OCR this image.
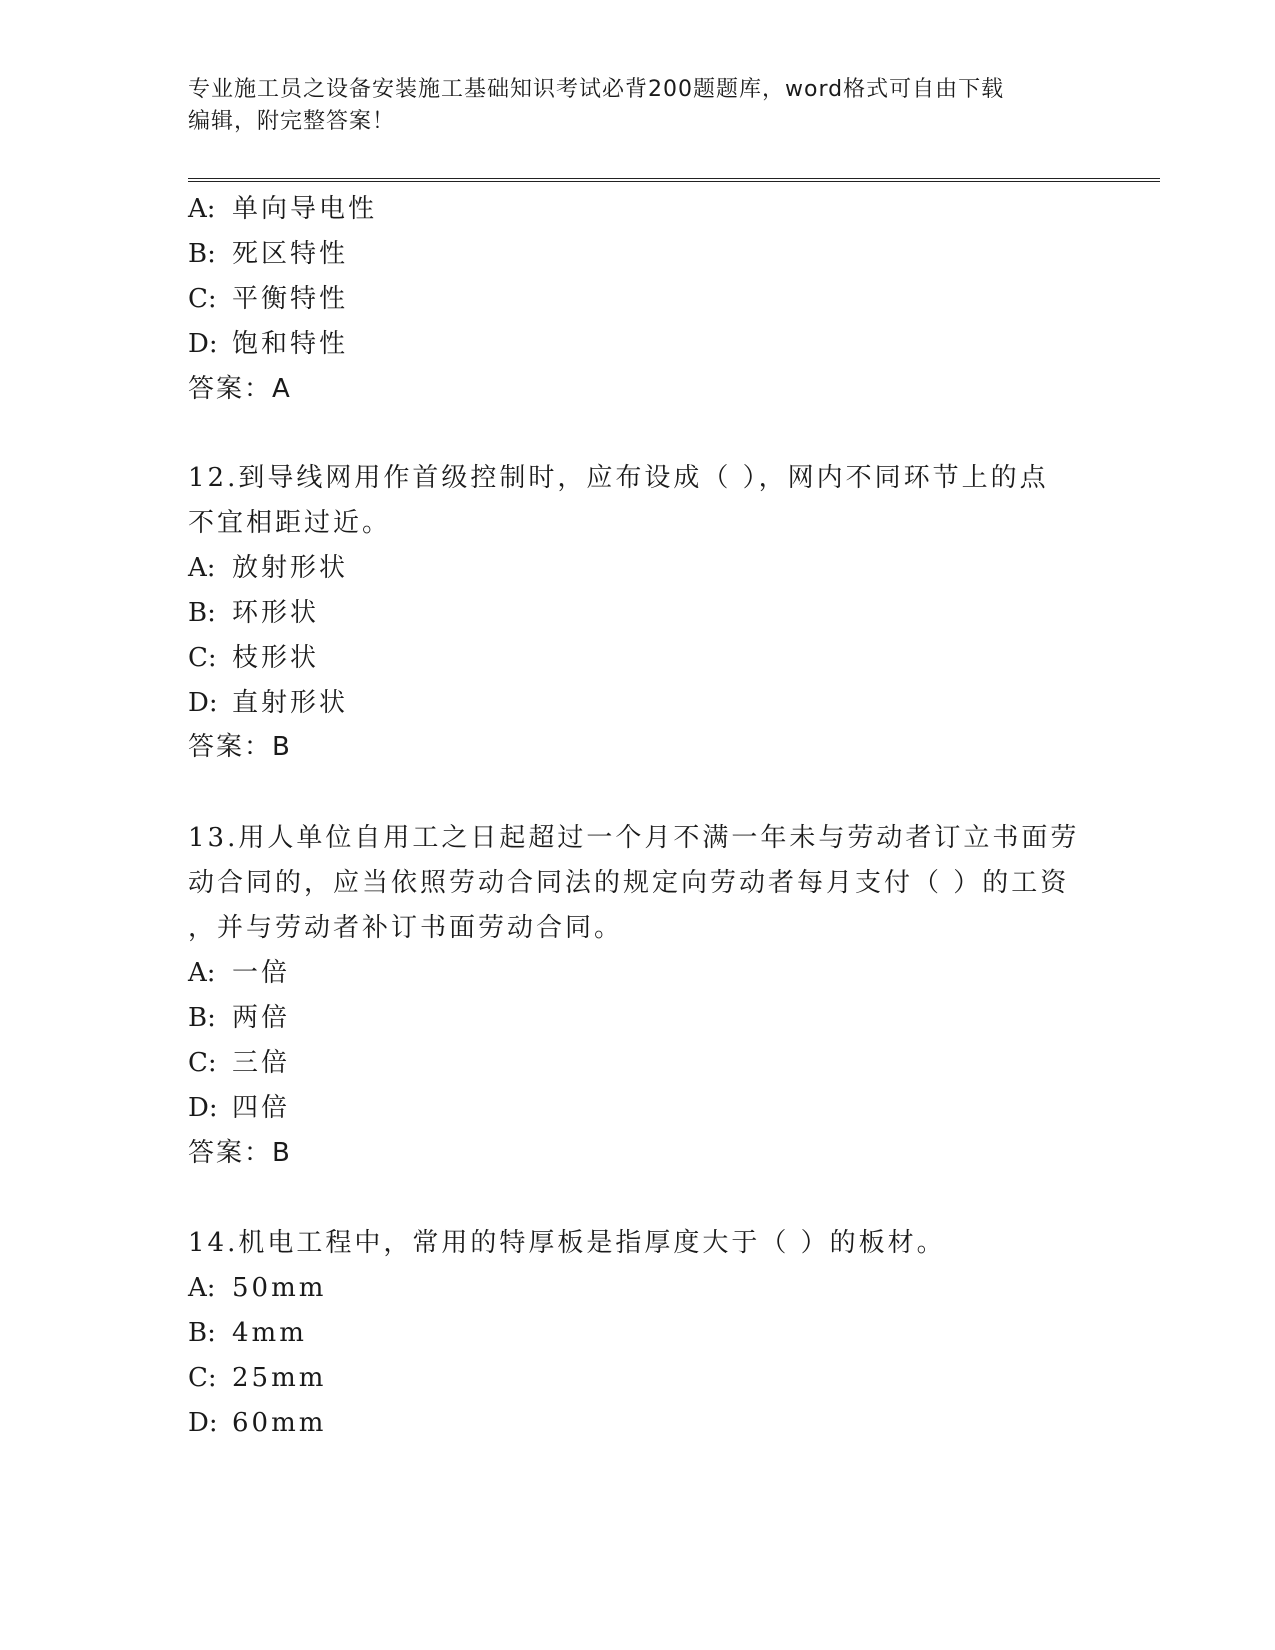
专业施工员之设备安装施工基础知识考试必背200题题库，word格式可自由下载
编辑，附完整答案！
A: 单向导电性
B: 死区特性
C: 平衡特性
D: 饱和特性
答案：A
12.到导线网用作首级控制时，应布设成（ ），网内不同环节上的点
不宜相距过近。
A: 放射形状
B: 环形状
C: 枝形状
D: 直射形状
答案：B
13.用人单位自用工之日起超过一个月不满一年未与劳动者订立书面劳
动合同的，应当依照劳动合同法的规定向劳动者每月支付（ ）的工资
，并与劳动者补订书面劳动合同。
A: 一倍
B: 两倍
C: 三倍
D: 四倍
答案：B
14.机电工程中，常用的特厚板是指厚度大于（ ）的板材。
A: 50mm
B: 4mm
C: 25mm
D: 60mm
